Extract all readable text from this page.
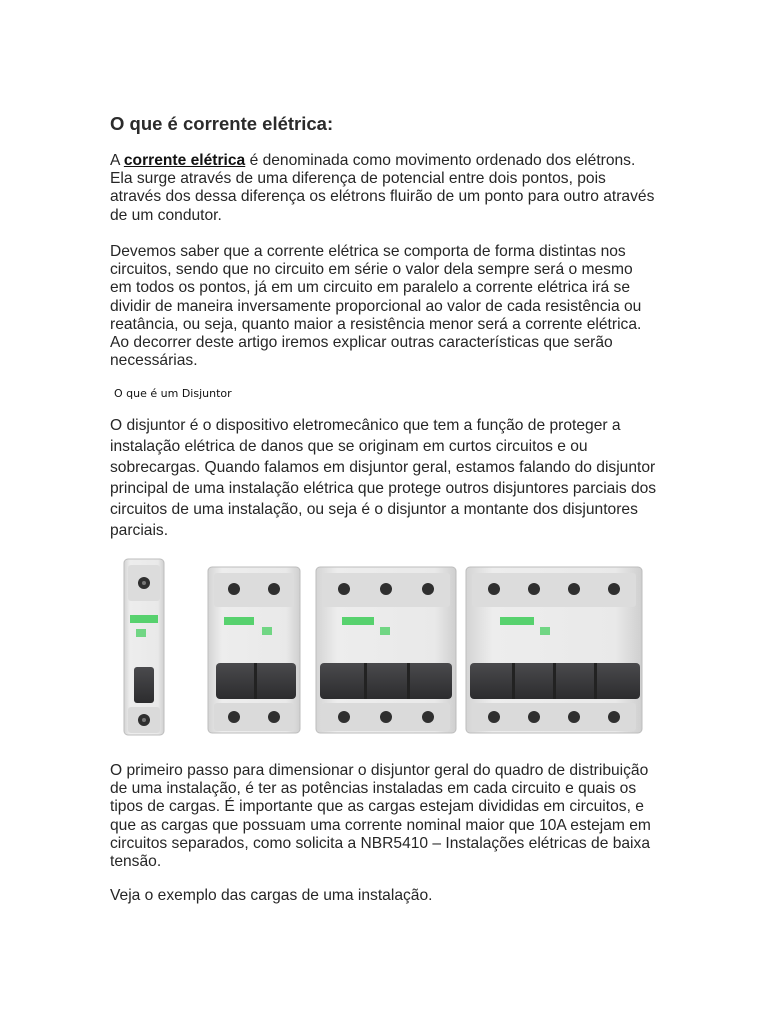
O que é corrente elétrica:

A corrente elétrica é denominada como movimento ordenado dos elétrons. Ela surge através de uma diferença de potencial entre dois pontos, pois através dos dessa diferença os elétrons fluirão de um ponto para outro através de um condutor.

Devemos saber que a corrente elétrica se comporta de forma distintas nos circuitos, sendo que no circuito em série o valor dela sempre será o mesmo em todos os pontos, já em um circuito em paralelo a corrente elétrica irá se dividir de maneira inversamente proporcional ao valor de cada resistência ou reatância, ou seja, quanto maior a resistência menor será a corrente elétrica. Ao decorrer deste artigo iremos explicar outras características que serão necessárias.

O que é um Disjuntor

O disjuntor é o dispositivo eletromecânico que tem a função de proteger a instalação elétrica de danos que se originam em curtos circuitos e ou sobrecargas. Quando falamos em disjuntor geral, estamos falando do disjuntor principal de uma instalação elétrica que protege outros disjuntores parciais dos circuitos de uma instalação, ou seja é o disjuntor a montante dos disjuntores parciais.

O primeiro passo para dimensionar o disjuntor geral do quadro de distribuição de uma instalação, é ter as potências instaladas em cada circuito e quais os tipos de cargas. É importante que as cargas estejam divididas em circuitos, e que as cargas que possuam uma corrente nominal maior que 10A estejam em circuitos separados, como solicita a NBR5410 – Instalações elétricas de baixa tensão.

Veja o exemplo das cargas de uma instalação.
